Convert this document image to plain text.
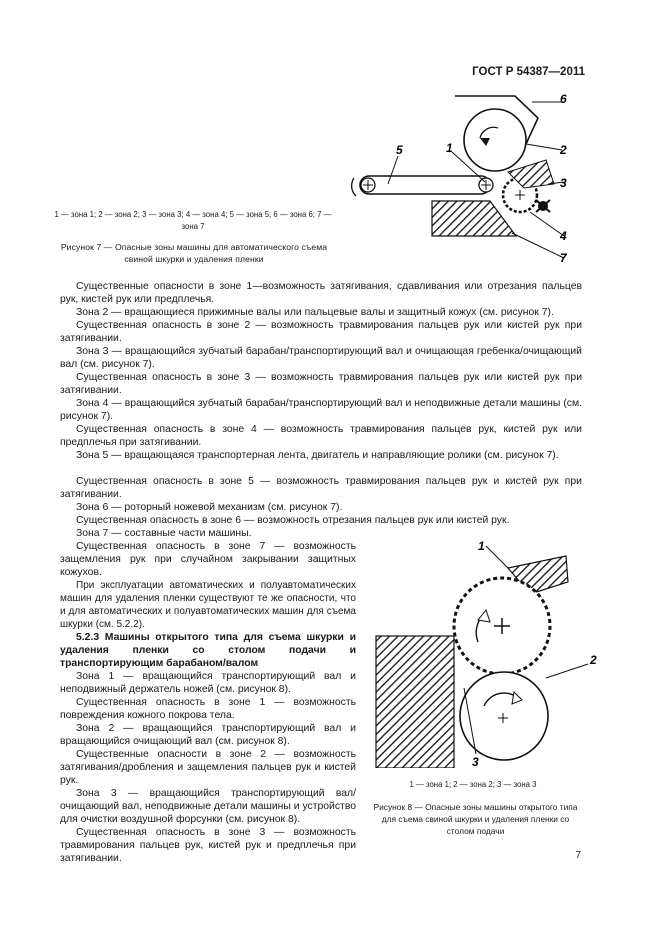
ГОСТ Р 54387—2011
6
2
1
5
3
4
7
1 — зона 1; 2 — зона 2; 3 — зона 3; 4 — зона 4; 5 — зона 5; 6 — зона 6; 7 — зона 7
Рисунок 7 — Опасные зоны машины для автоматического съема свиной шкурки и удаления пленки
Существенные опасности в зоне 1—возможность затягивания, сдавливания или отрезания пальцев рук, кистей рук или предплечья.
Зона 2 — вращающиеся прижимные валы или пальцевые валы и защитный кожух (см. рисунок 7).
Существенная опасность в зоне 2 — возможность травмирования пальцев рук или кистей рук при затягивании.
Зона 3 — вращающийся зубчатый барабан/транспортирующий вал и очищающая гребенка/очищающий вал (см. рисунок 7).
Существенная опасность в зоне 3 — возможность травмирования пальцев рук или кистей рук при затягивании.
Зона 4 — вращающийся зубчатый барабан/транспортирующий вал и неподвижные детали машины (см. рисунок 7).
Существенная опасность в зоне 4 — возможность травмирования пальцев рук, кистей рук или предплечья при затягивании.
Зона 5 — вращающаяся транспортерная лента, двигатель и направляющие ролики (см. рисунок 7).
Существенная опасность в зоне 5 — возможность травмирования пальцев рук и кистей рук при затягивании.
Зона 6 — роторный ножевой механизм (см. рисунок 7).
Существенная опасность в зоне 6 — возможность отрезания пальцев рук или кистей рук.
Зона 7 — составные части машины.
Существенная опасность в зоне 7 — возможность защемления рук при случайном закрывании защитных кожухов.
При эксплуатации автоматических и полуавтоматических машин для удаления пленки существуют те же опасности, что и для автоматических и полуавтоматических машин для съема шкурки (см. 5.2.2).
5.2.3 Машины открытого типа для съема шкурки и удаления пленки со столом подачи и транспортирующим барабаном/валом
Зона 1 — вращающийся транспортирующий вал и неподвижный держатель ножей (см. рисунок 8).
Существенная опасность в зоне 1 — возможность повреждения кожного покрова тела.
Зона 2 — вращающийся транспортирующий вал и вращающийся очищающий вал (см. рисунок 8).
Существенные опасности в зоне 2 — возможность затягивания/дробления и защемления пальцев рук и кистей рук.
Зона 3 — вращающийся транспортирующий вал/очищающий вал, неподвижные детали машины и устройство для очистки воздушной форсунки (см. рисунок 8).
Существенная опасность в зоне 3 — возможность травмирования пальцев рук, кистей рук и предплечья при затягивании.
1
2
3
1 — зона 1; 2 — зона 2; 3 — зона 3
Рисунок 8 — Опасные зоны машины открытого типа для съема свиной шкурки и удаления пленки со столом подачи
7
